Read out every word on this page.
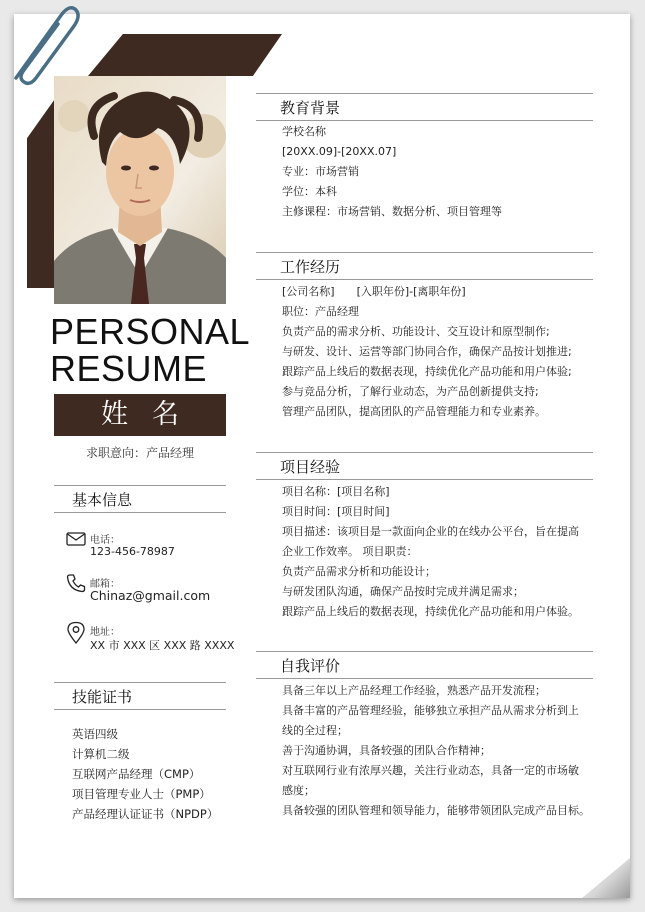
PERSONAL
RESUME
姓名
求职意向：产品经理
基本信息
电话：
123-456-78987
邮箱：
Chinaz@gmail.com
地址：
XX 市 XXX 区 XXX 路 XXXX
技能证书
英语四级
计算机二级
互联网产品经理（CMP）
项目管理专业人士（PMP）
产品经理认证证书（NPDP）
教育背景
学校名称
[20XX.09]-[20XX.07]
专业：市场营销
学位：本科
主修课程：市场营销、数据分析、项目管理等
工作经历
[公司名称]　　[入职年份]-[离职年份]
职位：产品经理
负责产品的需求分析、功能设计、交互设计和原型制作;
与研发、设计、运营等部门协同合作，确保产品按计划推进;
跟踪产品上线后的数据表现，持续优化产品功能和用户体验;
参与竞品分析，了解行业动态，为产品创新提供支持;
管理产品团队，提高团队的产品管理能力和专业素养。
项目经验
项目名称：[项目名称]
项目时间：[项目时间]
项目描述：该项目是一款面向企业的在线办公平台，旨在提高
企业工作效率。 项目职责：
负责产品需求分析和功能设计；
与研发团队沟通，确保产品按时完成并满足需求；
跟踪产品上线后的数据表现，持续优化产品功能和用户体验。
自我评价
具备三年以上产品经理工作经验，熟悉产品开发流程；
具备丰富的产品管理经验，能够独立承担产品从需求分析到上
线的全过程；
善于沟通协调，具备较强的团队合作精神；
对互联网行业有浓厚兴趣，关注行业动态，具备一定的市场敏
感度；
具备较强的团队管理和领导能力，能够带领团队完成产品目标。
